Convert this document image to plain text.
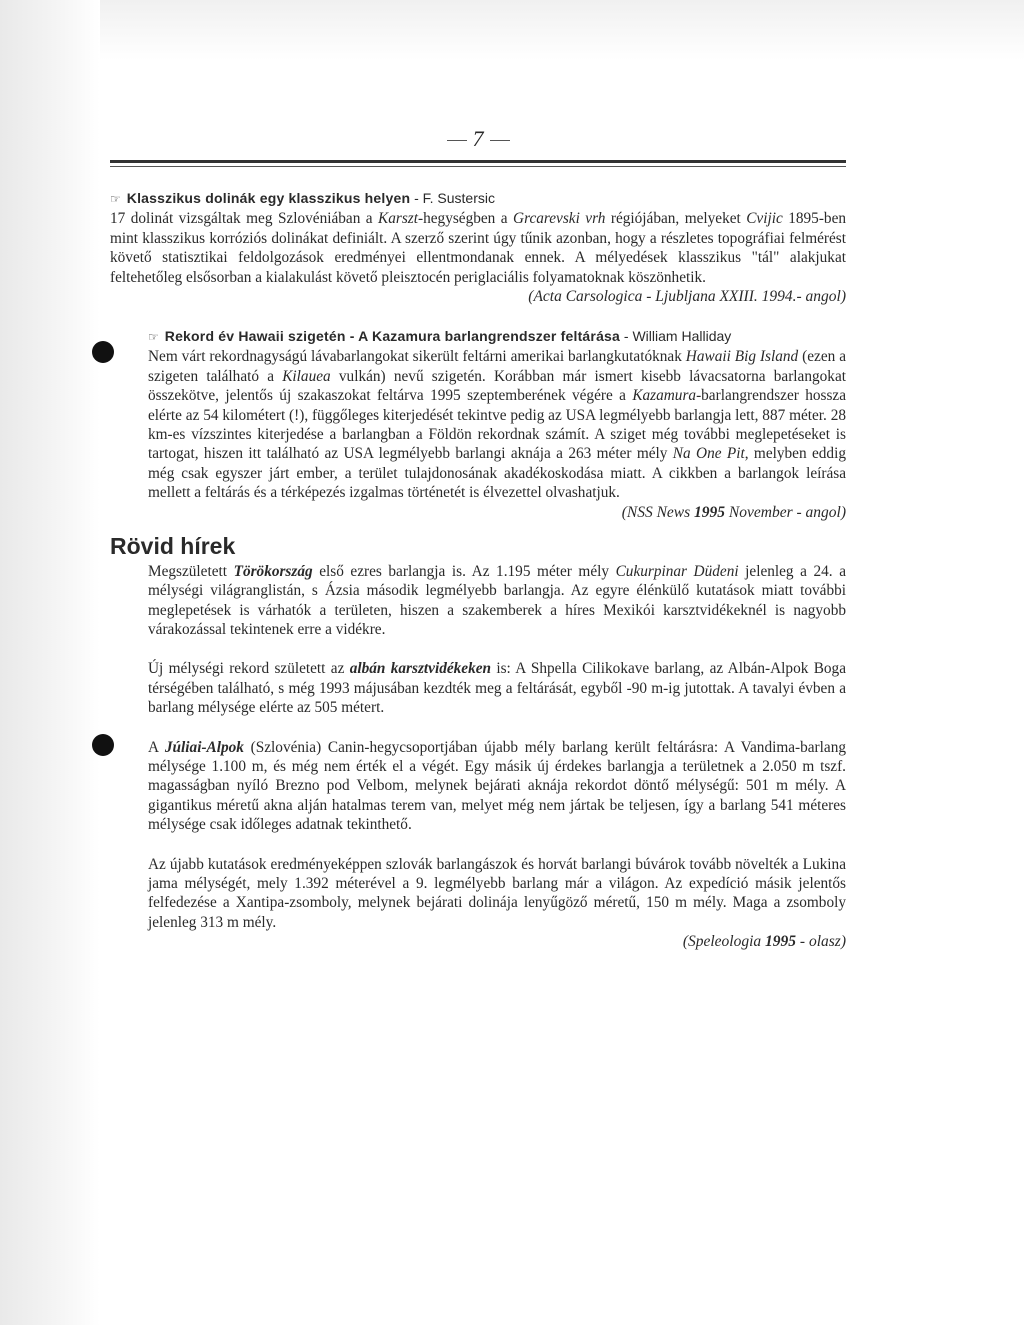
7

☞ Klasszikus dolinák egy klasszikus helyen - F. Sustersic
17 dolinát vizsgáltak meg Szlovéniában a Karszt-hegységben a Grcarevski vrh régiójában, melyeket Cvijic 1895-ben mint klasszikus korróziós dolinákat definiált. A szerző szerint úgy tűnik azonban, hogy a részletes topográfiai felmérést követő statisztikai feldolgozások eredményei ellentmondanak ennek. A mélyedések klasszikus "tál" alakjukat feltehetőleg elsősorban a kialakulást követő pleisztocén periglaciális folyamatoknak köszönhetik.

(Acta Carsologica - Ljubljana XXIII. 1994.- angol)

☞ Rekord év Hawaii szigetén - A Kazamura barlangrendszer feltárása - William Halliday

Nem várt rekordnagyságú lávabarlangokat sikerült feltárni amerikai barlangkutatóknak Hawaii Big Island (ezen a szigeten található a Kilauea vulkán) nevű szigetén. Korábban már ismert kisebb lávacsatorna barlangokat összekötve, jelentős új szakaszokat feltárva 1995 szeptemberének végére a Kazamura-barlangrendszer hossza elérte az 54 kilométert (!), függőleges kiterjedését tekintve pedig az USA legmélyebb barlangja lett, 887 méter. 28 km-es vízszintes kiterjedése a barlangban a Földön rekordnak számít. A sziget még további meglepetéseket is tartogat, hiszen itt található az USA legmélyebb barlangi aknája a 263 méter mély Na One Pit, melyben eddig még csak egyszer járt ember, a terület tulajdonosának akadékoskodása miatt. A cikkben a barlangok leírása mellett a feltárás és a térképezés izgalmas történetét is élvezettel olvashatjuk.

(NSS News 1995 November - angol)

Rövid hírek

Megszületett Törökország első ezres barlangja is. Az 1.195 méter mély Cukurpinar Düdeni jelenleg a 24. a mélységi világranglistán, s Ázsia második legmélyebb barlangja. Az egyre élénkülő kutatások miatt további meglepetések is várhatók a területen, hiszen a szakemberek a híres Mexikói karsztvidékeknél is nagyobb várakozással tekintenek erre a vidékre.

Új mélységi rekord született az albán karsztvidékeken is: A Shpella Cilikokave barlang, az Albán-Alpok Boga térségében található, s még 1993 májusában kezdték meg a feltárását, egyből -90 m-ig jutottak. A tavalyi évben a barlang mélysége elérte az 505 métert.

A Júliai-Alpok (Szlovénia) Canin-hegycsoportjában újabb mély barlang került feltárásra: A Vandima-barlang mélysége 1.100 m, és még nem érték el a végét. Egy másik új érdekes barlangja a területnek a 2.050 m tszf. magasságban nyíló Brezno pod Velbom, melynek bejárati aknája rekordot döntő mélységű: 501 m mély. A gigantikus méretű akna alján hatalmas terem van, melyet még nem jártak be teljesen, így a barlang 541 méteres mélysége csak időleges adatnak tekinthető.

Az újabb kutatások eredményeképpen szlovák barlangászok és horvát barlangi búvárok tovább növelték a Lukina jama mélységét, mely 1.392 méterével a 9. legmélyebb barlang már a világon. Az expedíció másik jelentős felfedezése a Xantipa-zsomboly, melynek bejárati dolinája lenyűgöző méretű, 150 m mély. Maga a zsomboly jelenleg 313 m mély.

(Speleologia 1995 - olasz)
